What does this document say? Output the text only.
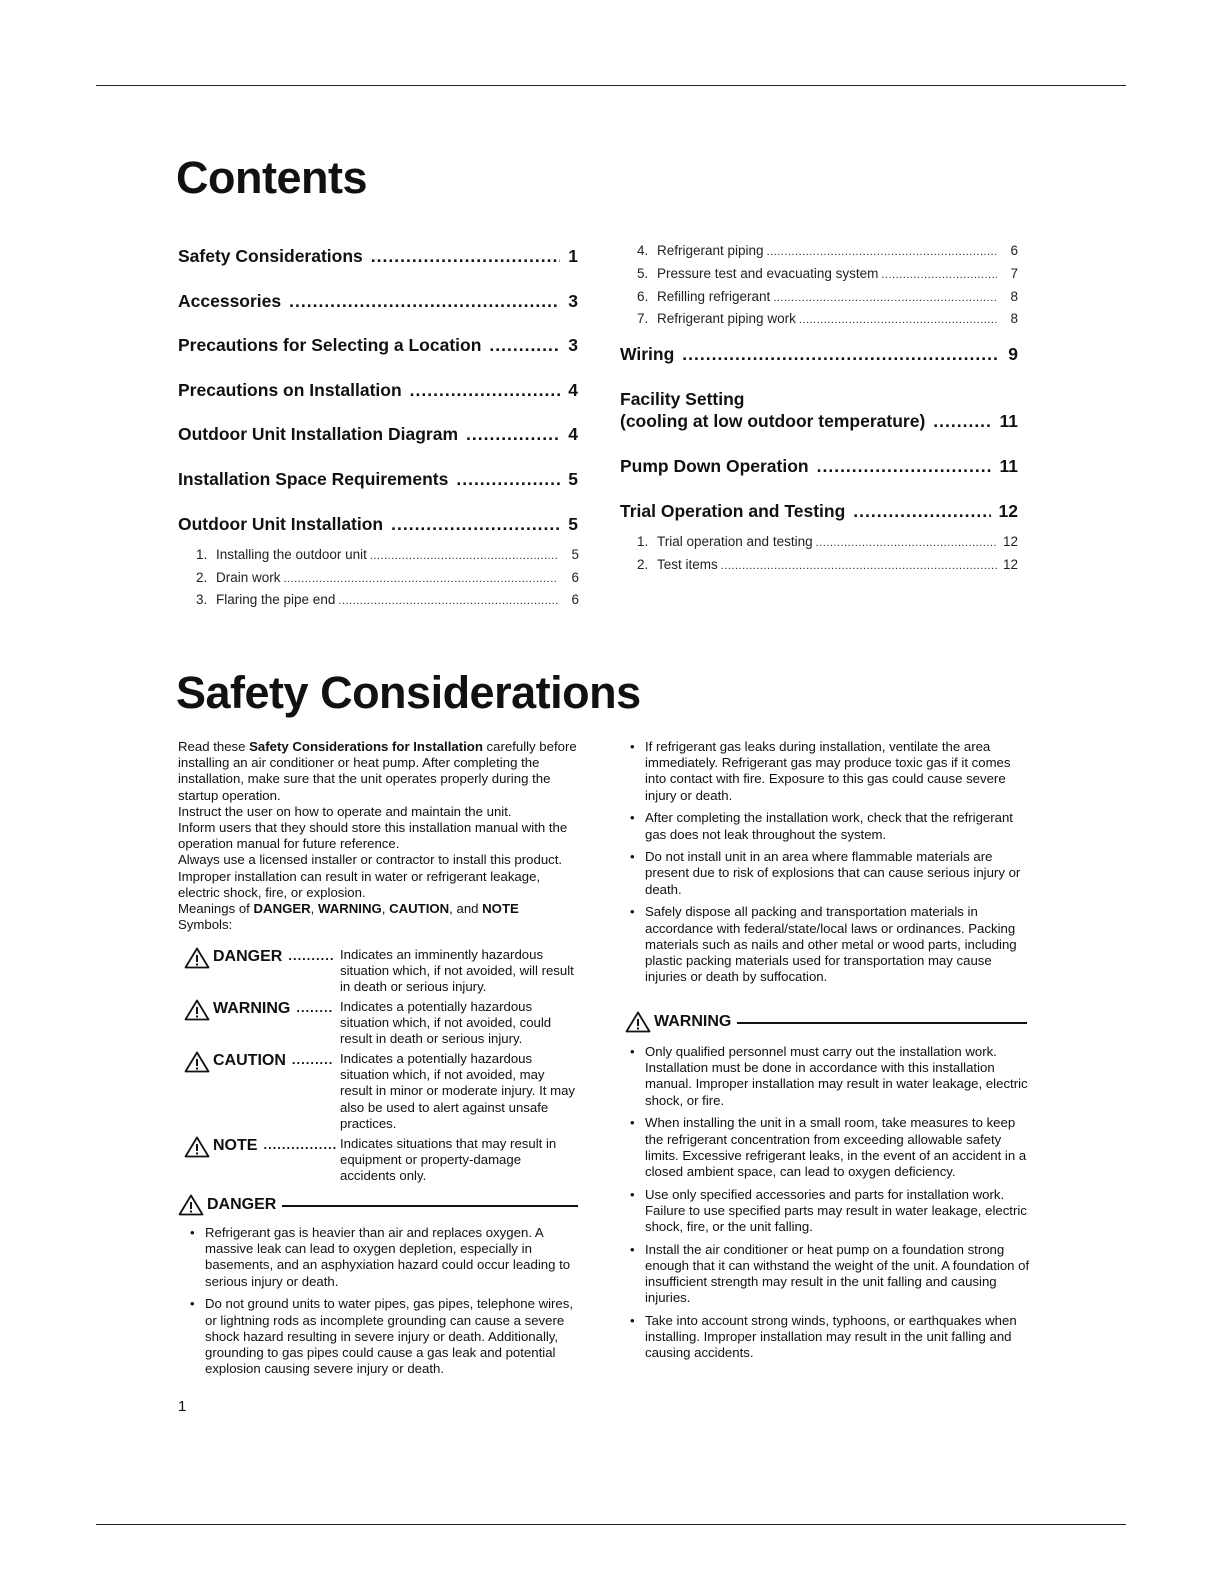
Contents
Safety Considerations .....	1
Accessories .....	3
Precautions for Selecting a Location .....	3
Precautions on Installation .....	4
Outdoor Unit Installation Diagram .....	4
Installation Space Requirements .....	5
Outdoor Unit Installation .....	5
1. Installing the outdoor unit .....	5
2. Drain work .....	6
3. Flaring the pipe end .....	6
4. Refrigerant piping .....	6
5. Pressure test and evacuating system .....	7
6. Refilling refrigerant .....	8
7. Refrigerant piping work .....	8
Wiring .....	9
Facility Setting
(cooling at low outdoor temperature) .....	11
Pump Down Operation .....	11
Trial Operation and Testing .....	12
1. Trial operation and testing .....	12
2. Test items .....	12
Safety Considerations
Read these Safety Considerations for Installation carefully before installing an air conditioner or heat pump. After completing the installation, make sure that the unit operates properly during the startup operation.
Instruct the user on how to operate and maintain the unit.
Inform users that they should store this installation manual with the operation manual for future reference.
Always use a licensed installer or contractor to install this product. Improper installation can result in water or refrigerant leakage, electric shock, fire, or explosion.
Meanings of DANGER, WARNING, CAUTION, and NOTE
Symbols:
DANGER .......... Indicates an imminently hazardous situation which, if not avoided, will result in death or serious injury.
WARNING ........ Indicates a potentially hazardous situation which, if not avoided, could result in death or serious injury.
CAUTION ......... Indicates a potentially hazardous situation which, if not avoided, may result in minor or moderate injury. It may also be used to alert against unsafe practices.
NOTE ................ Indicates situations that may result in equipment or property-damage accidents only.
DANGER
• Refrigerant gas is heavier than air and replaces oxygen. A massive leak can lead to oxygen depletion, especially in basements, and an asphyxiation hazard could occur leading to serious injury or death.
• Do not ground units to water pipes, gas pipes, telephone wires, or lightning rods as incomplete grounding can cause a severe shock hazard resulting in severe injury or death. Additionally, grounding to gas pipes could cause a gas leak and potential explosion causing severe injury or death.
• If refrigerant gas leaks during installation, ventilate the area immediately. Refrigerant gas may produce toxic gas if it comes into contact with fire. Exposure to this gas could cause severe injury or death.
• After completing the installation work, check that the refrigerant gas does not leak throughout the system.
• Do not install unit in an area where flammable materials are present due to risk of explosions that can cause serious injury or death.
• Safely dispose all packing and transportation materials in accordance with federal/state/local laws or ordinances. Packing materials such as nails and other metal or wood parts, including plastic packing materials used for transportation may cause injuries or death by suffocation.
WARNING
• Only qualified personnel must carry out the installation work. Installation must be done in accordance with this installation manual. Improper installation may result in water leakage, electric shock, or fire.
• When installing the unit in a small room, take measures to keep the refrigerant concentration from exceeding allowable safety limits. Excessive refrigerant leaks, in the event of an accident in a closed ambient space, can lead to oxygen deficiency.
• Use only specified accessories and parts for installation work. Failure to use specified parts may result in water leakage, electric shock, fire, or the unit falling.
• Install the air conditioner or heat pump on a foundation strong enough that it can withstand the weight of the unit. A foundation of insufficient strength may result in the unit falling and causing injuries.
• Take into account strong winds, typhoons, or earthquakes when installing. Improper installation may result in the unit falling and causing accidents.
1
